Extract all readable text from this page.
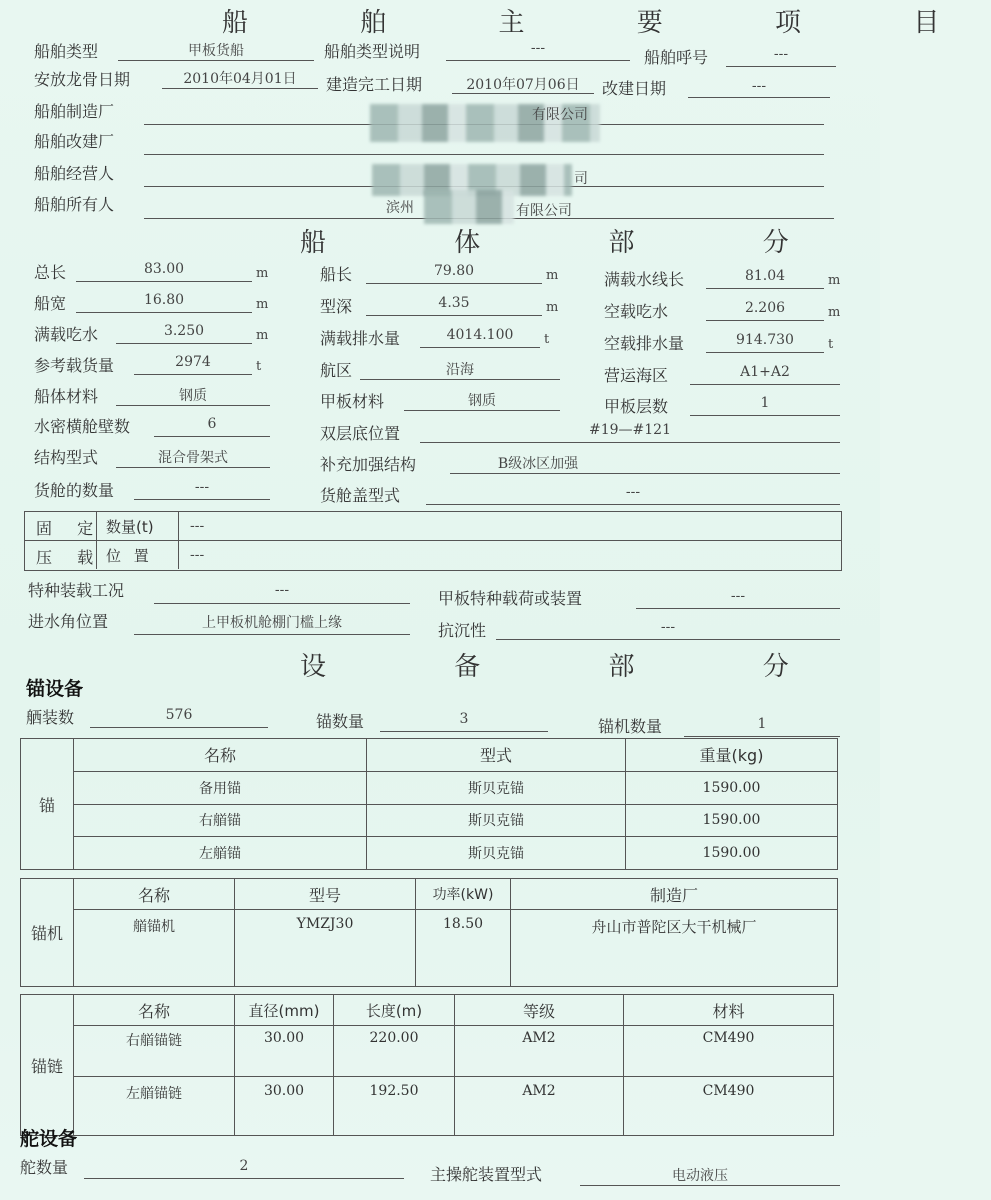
船 舶 主 要 项 目
船舶类型	甲板货船	船舶类型说明	---	船舶呼号	---
安放龙骨日期	2010年04月01日	建造完工日期	2010年07月06日	改建日期	---
船舶制造厂	有限公司
船舶改建厂
船舶经营人	司
船舶所有人	滨州	有限公司
船 体 部 分
总长	83.00	m	船长	79.80	m	满载水线长	81.04	m
船宽	16.80	m	型深	4.35	m	空载吃水	2.206	m
满载吃水	3.250	m	满载排水量	4014.100	t	空载排水量	914.730	t
参考载货量	2974	t	航区	沿海	营运海区	A1+A2
船体材料	钢质	甲板材料	钢质	甲板层数	1
水密横舱壁数	6	双层底位置	#19—#121
结构型式	混合骨架式	补充加强结构	B级冰区加强
货舱的数量	---	货舱盖型式	---
固 定
压 载
数量(t)	---
位 置	---
特种装载工况	---	甲板特种载荷或装置	---
进水角位置	上甲板机舱棚门槛上缘	抗沉性	---
设 备 部 分
锚设备
舾装数	576	锚数量	3	锚机数量	1
锚	名称	型式	重量(kg)
	备用锚	斯贝克锚	1590.00
	右艏锚	斯贝克锚	1590.00
	左艏锚	斯贝克锚	1590.00
锚机	名称	型号	功率(kW)	制造厂
	艏锚机	YMZJ30	18.50	舟山市普陀区大干机械厂
锚链	名称	直径(mm)	长度(m)	等级	材料
	右艏锚链	30.00	220.00	AM2	CM490
	左艏锚链	30.00	192.50	AM2	CM490
舵设备
舵数量	2	主操舵装置型式	电动液压
